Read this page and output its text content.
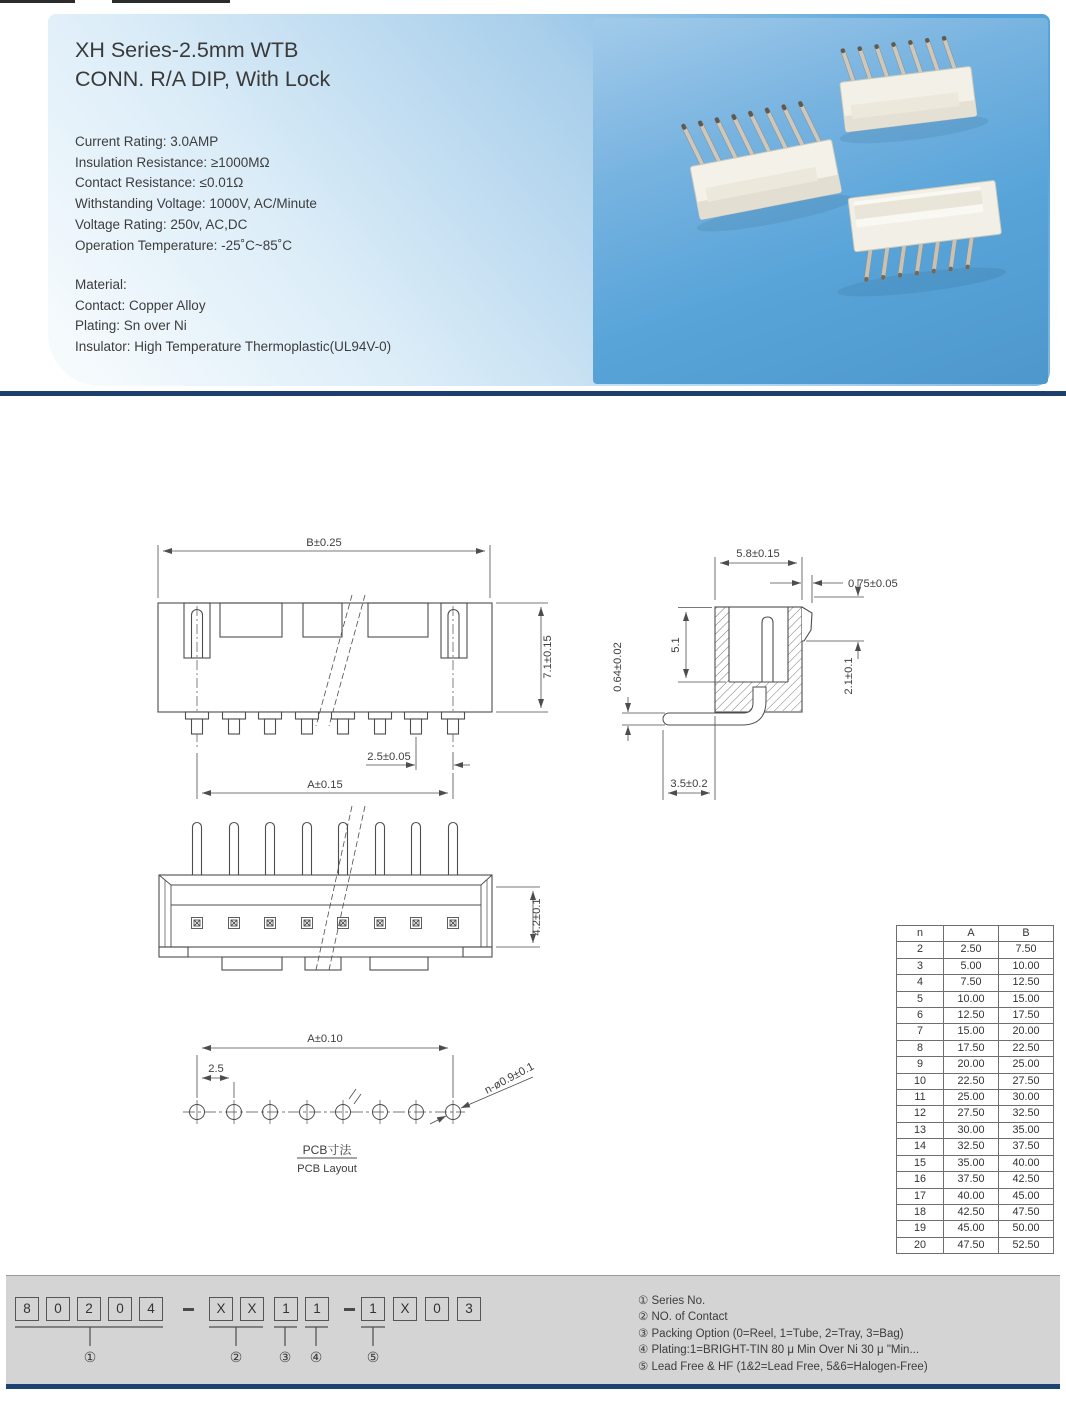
XH Series-2.5mm WTB
CONN. R/A DIP, With Lock
Current Rating: 3.0AMP
Insulation Resistance: ≥1000MΩ
Contact Resistance: ≤0.01Ω
Withstanding Voltage: 1000V, AC/Minute
Voltage Rating: 250v, AC,DC
Operation Temperature: -25˚C~85˚C
Material:
Contact: Copper Alloy
Plating: Sn over Ni
Insulator: High Temperature Thermoplastic(UL94V-0)
B±0.25
7.1±0.15
2.5±0.05
A±0.15
5.8±0.15
0.75±0.05
5.1
0.64±0.02	2.1±0.1
3.5±0.2
4.2±0.1
A±0.10
2.5	n-ø0.9±0.1
PCB寸法
PCB Layout
n	A	B
2	2.50	7.50
3	5.00	10.00
4	7.50	12.50
5	10.00	15.00
6	12.50	17.50
7	15.00	20.00
8	17.50	22.50
9	20.00	25.00
10	22.50	27.50
11	25.00	30.00
12	27.50	32.50
13	30.00	35.00
14	32.50	37.50
15	35.00	40.00
16	37.50	42.50
17	40.00	45.00
18	42.50	47.50
19	45.00	50.00
20	47.50	52.50
① Series No.
② NO. of Contact
③ Packing Option (0=Reel, 1=Tube, 2=Tray, 3=Bag)
④ Plating:1=BRIGHT-TIN 80 μ Min Over Ni 30 μ "Min...
⑤ Lead Free & HF (1&2=Lead Free, 5&6=Halogen-Free)
8	0	2	0	4	X	X	1	1	1	X	0	3
①	②	③ ④	⑤
